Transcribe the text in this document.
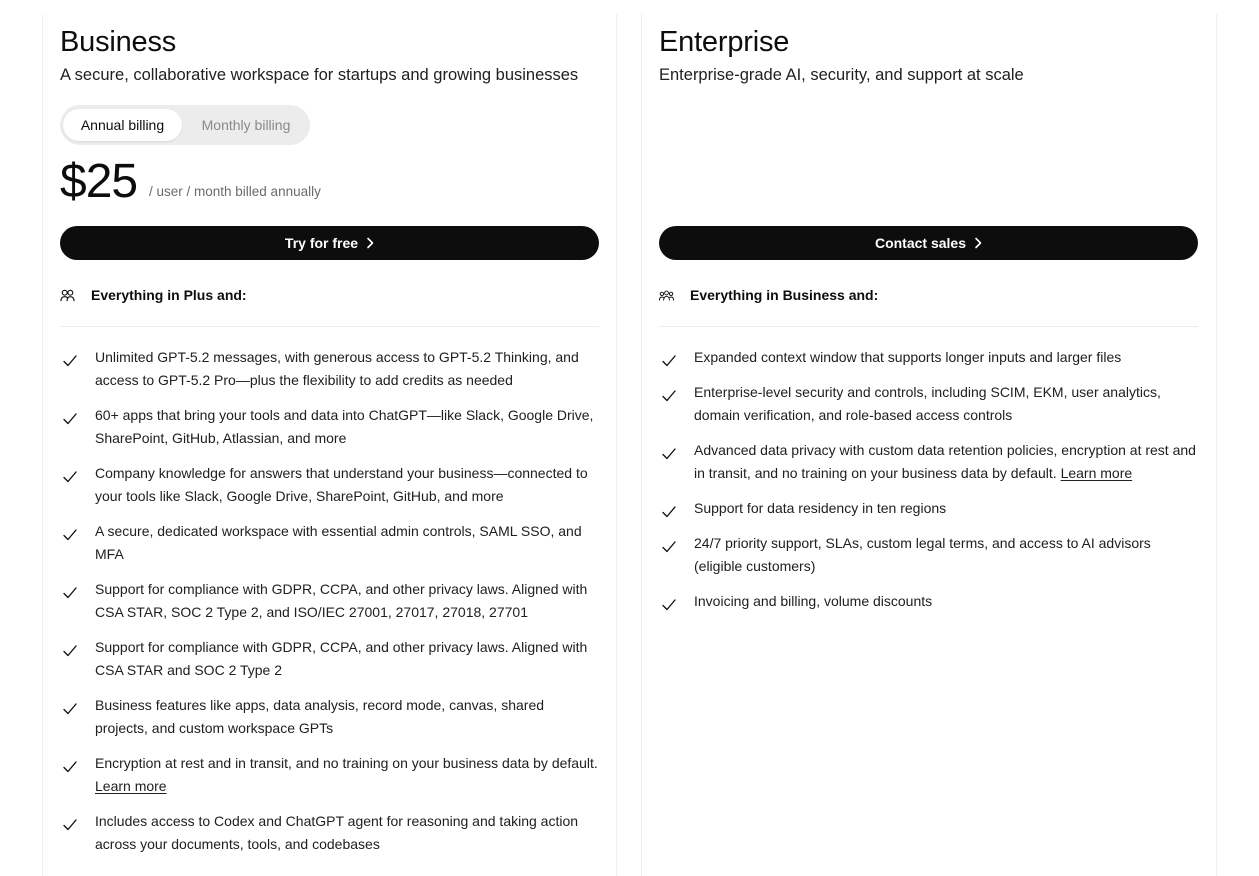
Business
A secure, collaborative workspace for startups and growing businesses
Annual billing	Monthly billing
$25 / user / month billed annually
Try for free
Everything in Plus and:
Unlimited GPT-5.2 messages, with generous access to GPT-5.2 Thinking, and access to GPT-5.2 Pro—plus the flexibility to add credits as needed
60+ apps that bring your tools and data into ChatGPT—like Slack, Google Drive, SharePoint, GitHub, Atlassian, and more
Company knowledge for answers that understand your business—connected to your tools like Slack, Google Drive, SharePoint, GitHub, and more
A secure, dedicated workspace with essential admin controls, SAML SSO, and MFA
Support for compliance with GDPR, CCPA, and other privacy laws. Aligned with CSA STAR, SOC 2 Type 2, and ISO/IEC 27001, 27017, 27018, 27701
Support for compliance with GDPR, CCPA, and other privacy laws. Aligned with CSA STAR and SOC 2 Type 2
Business features like apps, data analysis, record mode, canvas, shared projects, and custom workspace GPTs
Encryption at rest and in transit, and no training on your business data by default. Learn more
Includes access to Codex and ChatGPT agent for reasoning and taking action across your documents, tools, and codebases
Enterprise
Enterprise-grade AI, security, and support at scale
Contact sales
Everything in Business and:
Expanded context window that supports longer inputs and larger files
Enterprise-level security and controls, including SCIM, EKM, user analytics, domain verification, and role-based access controls
Advanced data privacy with custom data retention policies, encryption at rest and in transit, and no training on your business data by default. Learn more
Support for data residency in ten regions
24/7 priority support, SLAs, custom legal terms, and access to AI advisors (eligible customers)
Invoicing and billing, volume discounts
